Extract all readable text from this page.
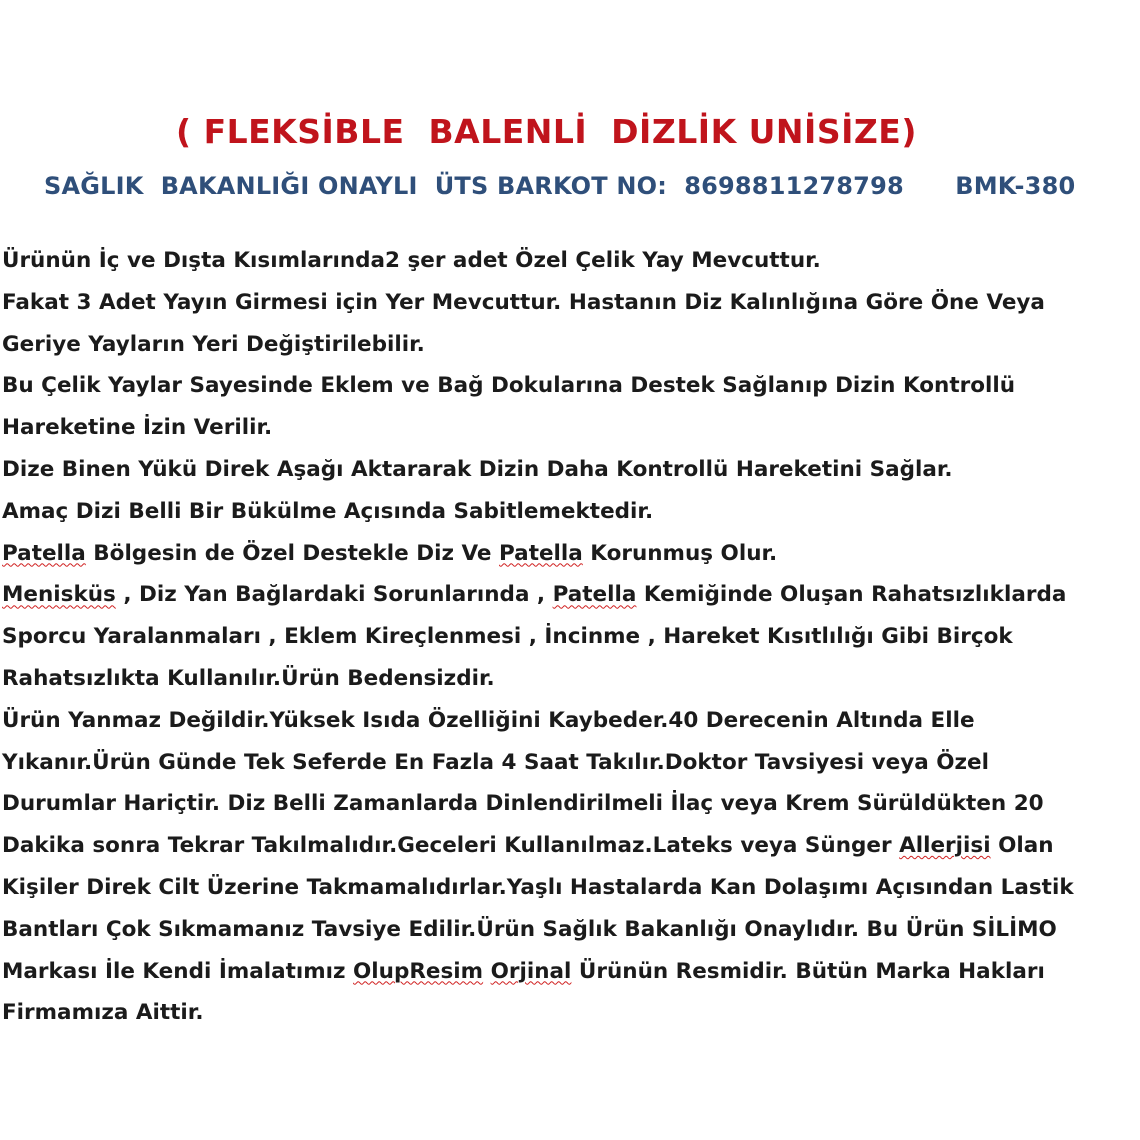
( FLEKSİBLE  BALENLİ  DİZLİK UNİSİZE)
SAĞLIK  BAKANLIĞI ONAYLI  ÜTS BARKOT NO:  8698811278798      BMK-380
Ürünün İç ve Dışta Kısımlarında2 şer adet Özel Çelik Yay Mevcuttur.
Fakat 3 Adet Yayın Girmesi için Yer Mevcuttur. Hastanın Diz Kalınlığına Göre Öne Veya
Geriye Yayların Yeri Değiştirilebilir.
Bu Çelik Yaylar Sayesinde Eklem ve Bağ Dokularına Destek Sağlanıp Dizin Kontrollü
Hareketine İzin Verilir.
Dize Binen Yükü Direk Aşağı Aktararak Dizin Daha Kontrollü Hareketini Sağlar.
Amaç Dizi Belli Bir Bükülme Açısında Sabitlemektedir.
Patella Bölgesin de Özel Destekle Diz Ve Patella Korunmuş Olur.
Menisküs , Diz Yan Bağlardaki Sorunlarında , Patella Kemiğinde Oluşan Rahatsızlıklarda
Sporcu Yaralanmaları , Eklem Kireçlenmesi , İncinme , Hareket Kısıtlılığı Gibi Birçok
Rahatsızlıkta Kullanılır.Ürün Bedensizdir.
Ürün Yanmaz Değildir.Yüksek Isıda Özelliğini Kaybeder.40 Derecenin Altında Elle
Yıkanır.Ürün Günde Tek Seferde En Fazla 4 Saat Takılır.Doktor Tavsiyesi veya Özel
Durumlar Hariçtir. Diz Belli Zamanlarda Dinlendirilmeli İlaç veya Krem Sürüldükten 20
Dakika sonra Tekrar Takılmalıdır.Geceleri Kullanılmaz.Lateks veya Sünger Allerjisi Olan
Kişiler Direk Cilt Üzerine Takmamalıdırlar.Yaşlı Hastalarda Kan Dolaşımı Açısından Lastik
Bantları Çok Sıkmamanız Tavsiye Edilir.Ürün Sağlık Bakanlığı Onaylıdır. Bu Ürün SİLİMO
Markası İle Kendi İmalatımız OlupResim Orjinal Ürünün Resmidir. Bütün Marka Hakları
Firmamıza Aittir.
